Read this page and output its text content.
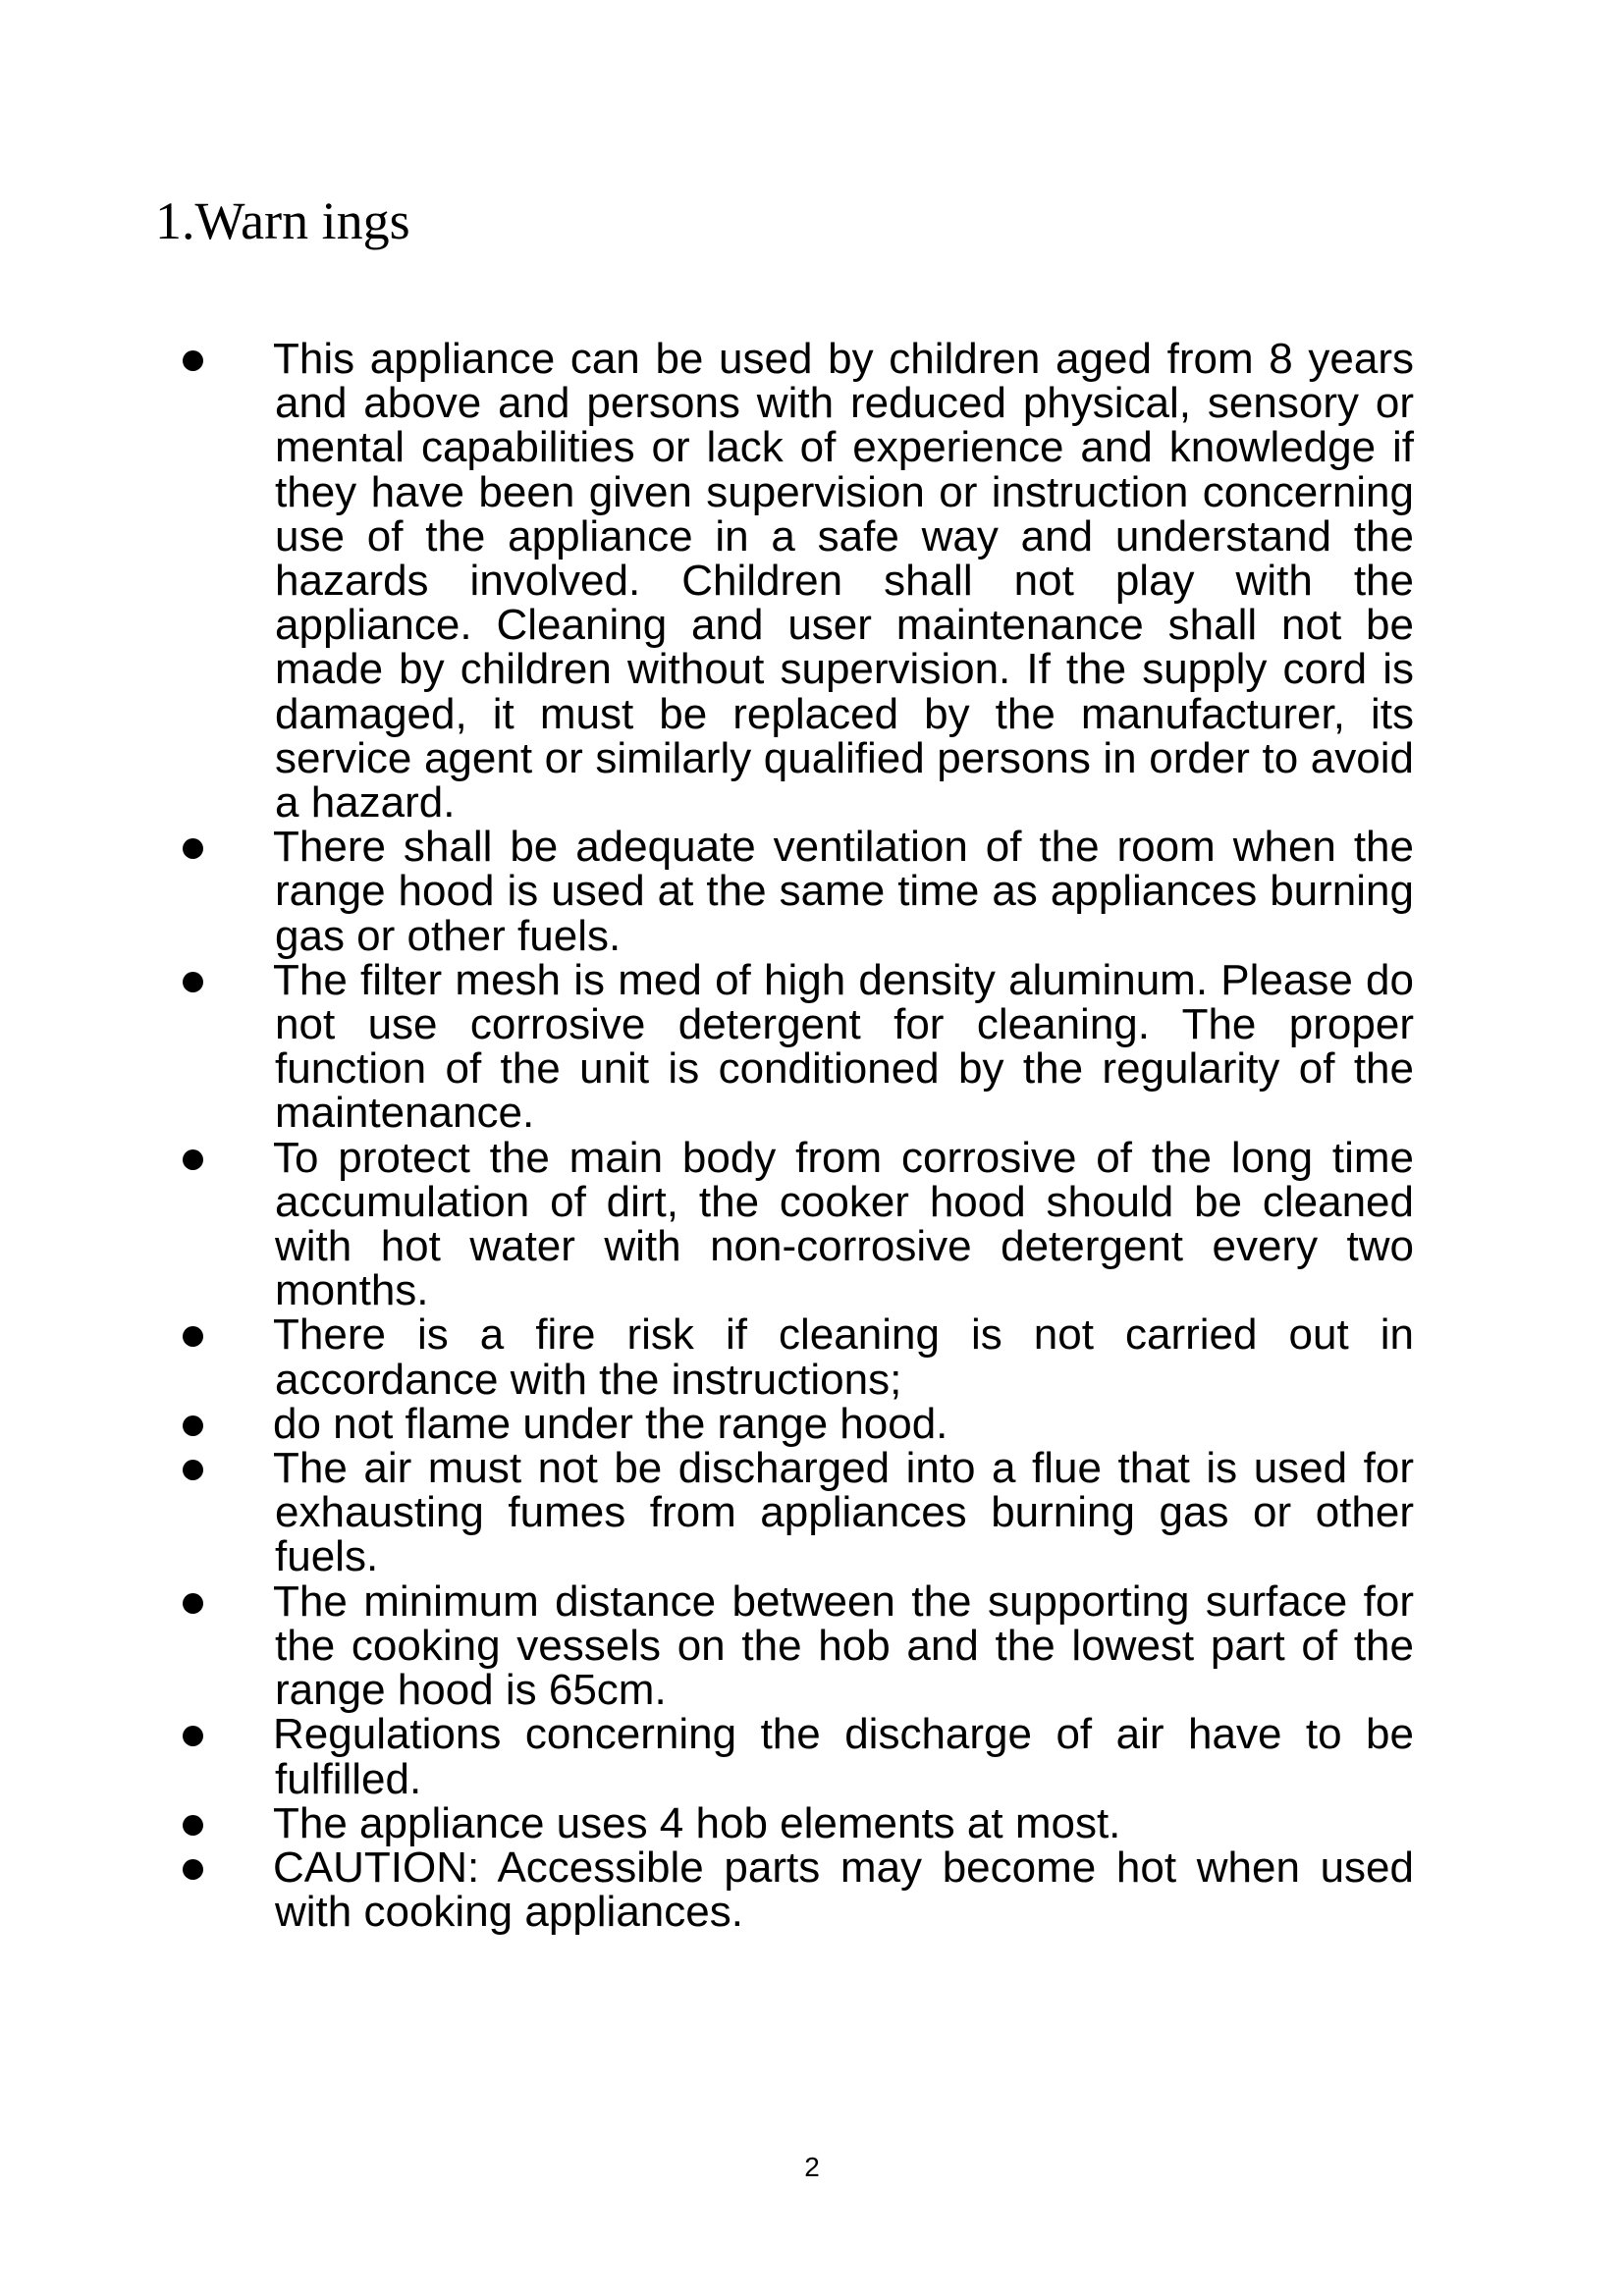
1.Warn ings
This appliance can be used by children aged from 8 years and above and persons with reduced physical, sensory or mental capabilities or lack of experience and knowledge if they have been given supervision or instruction concerning use of the appliance in a safe way and understand the hazards involved. Children shall not play with the appliance. Cleaning and user maintenance shall not be made by children without supervision. If the supply cord is damaged, it must be replaced by the manufacturer, its service agent or similarly qualified persons in order to avoid a hazard.
There shall be adequate ventilation of the room when the range hood is used at the same time as appliances burning gas or other fuels.
The filter mesh is med of high density aluminum. Please do not use corrosive detergent for cleaning. The proper function of the unit is conditioned by the regularity of the maintenance.
To protect the main body from corrosive of the long time accumulation of dirt, the cooker hood should be cleaned with hot water with non-corrosive detergent every two months.
There is a fire risk if cleaning is not carried out in accordance with the instructions;
do not flame under the range hood.
The air must not be discharged into a flue that is used for exhausting fumes from appliances burning gas or other fuels.
The minimum distance between the supporting surface for the cooking vessels on the hob and the lowest part of the range hood is 65cm.
Regulations concerning the discharge of air have to be fulfilled.
The appliance uses 4 hob elements at most.
CAUTION: Accessible parts may become hot when used with cooking appliances.
2
